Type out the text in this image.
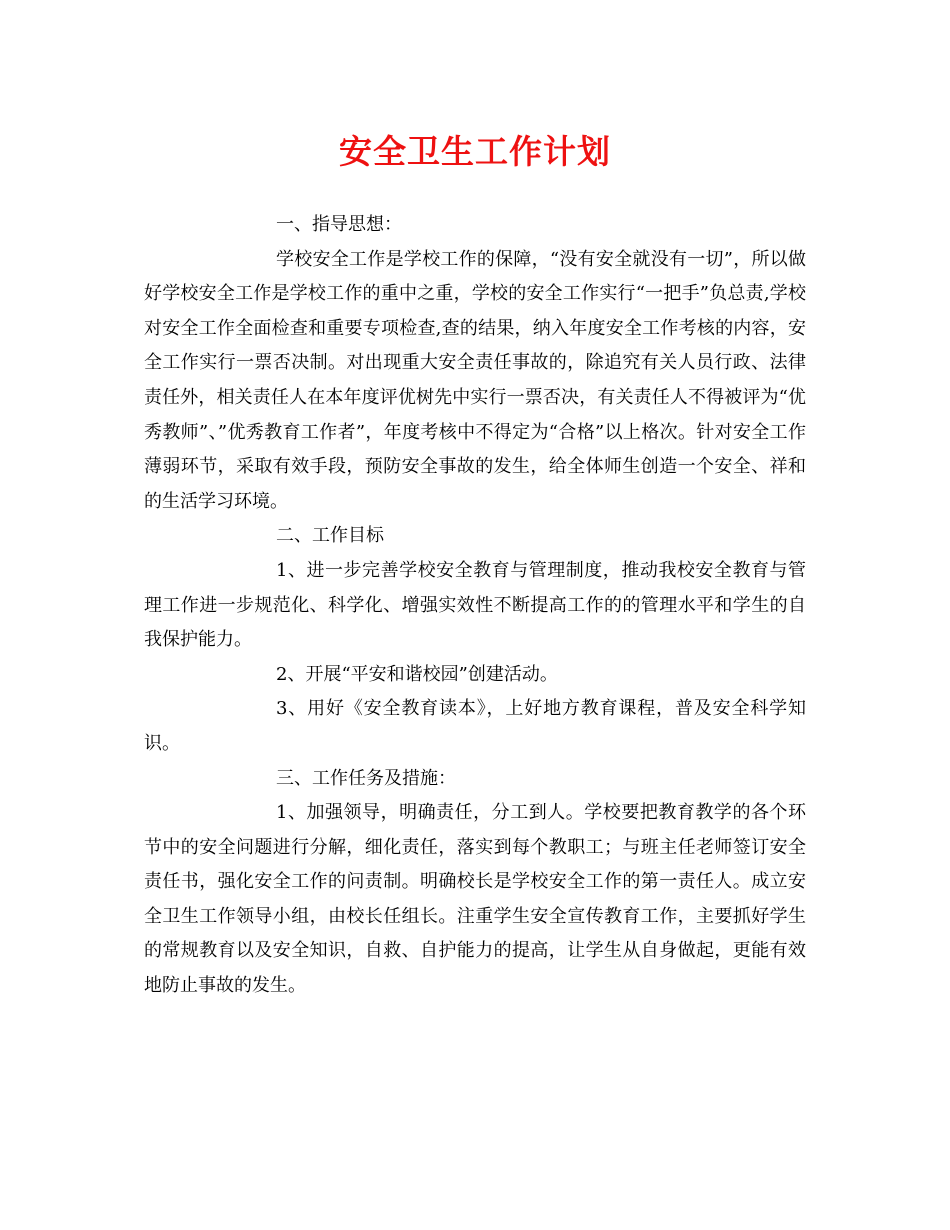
安全卫生工作计划

一、指导思想：

学校安全工作是学校工作的保障，“没有安全就没有一切”，所以做好学校安全工作是学校工作的重中之重，学校的安全工作实行“一把手”负总责,学校对安全工作全面检查和重要专项检查,查的结果，纳入年度安全工作考核的内容，安全工作实行一票否决制。对出现重大安全责任事故的，除追究有关人员行政、法律责任外，相关责任人在本年度评优树先中实行一票否决，有关责任人不得被评为“优秀教师”、”优秀教育工作者”，年度考核中不得定为“合格”以上格次。针对安全工作薄弱环节，采取有效手段，预防安全事故的发生，给全体师生创造一个安全、祥和的生活学习环境。

二、工作目标

1、进一步完善学校安全教育与管理制度，推动我校安全教育与管理工作进一步规范化、科学化、增强实效性不断提高工作的的管理水平和学生的自我保护能力。

2、开展“平安和谐校园”创建活动。

3、用好《安全教育读本》，上好地方教育课程，普及安全科学知识。

三、工作任务及措施：

1、加强领导，明确责任，分工到人。学校要把教育教学的各个环节中的安全问题进行分解，细化责任，落实到每个教职工；与班主任老师签订安全责任书，强化安全工作的问责制。明确校长是学校安全工作的第一责任人。成立安全卫生工作领导小组，由校长任组长。注重学生安全宣传教育工作，主要抓好学生的常规教育以及安全知识，自救、自护能力的提高，让学生从自身做起，更能有效地防止事故的发生。
